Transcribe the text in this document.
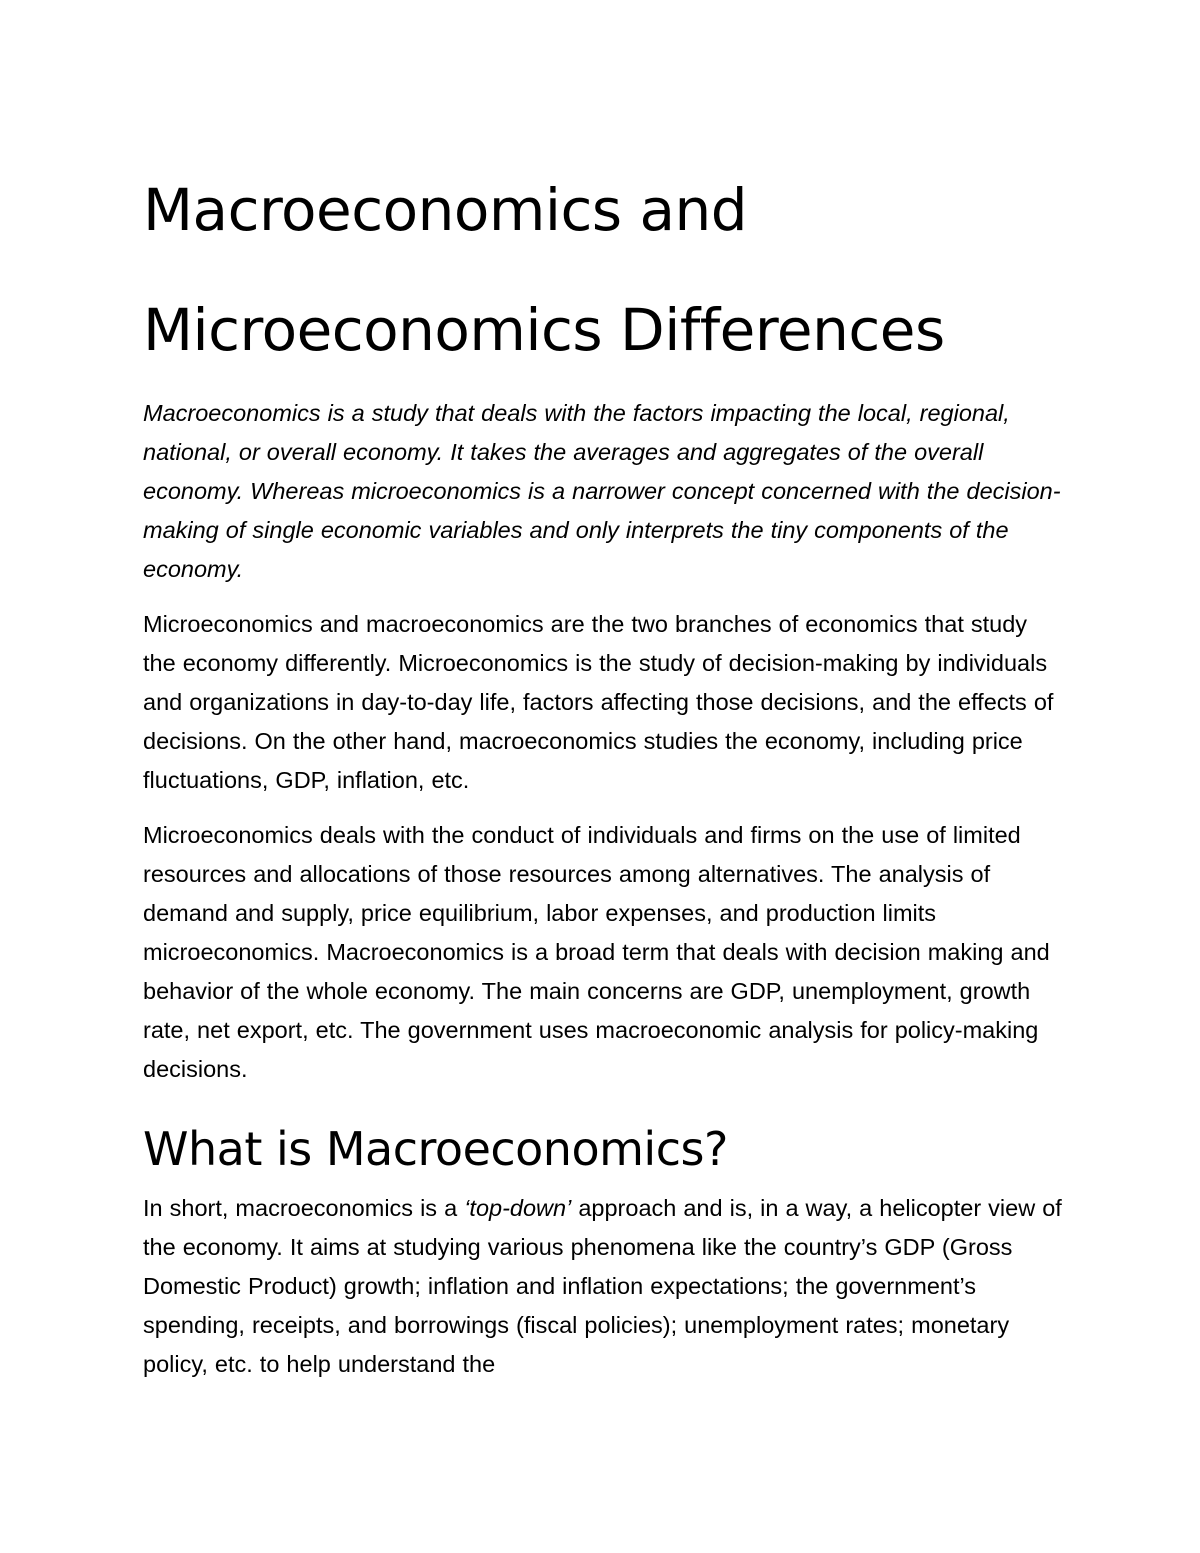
Macroeconomics and Microeconomics Differences

Macroeconomics is a study that deals with the factors impacting the local, regional, national, or overall economy. It takes the averages and aggregates of the overall economy. Whereas microeconomics is a narrower concept concerned with the decision-making of single economic variables and only interprets the tiny components of the economy.

Microeconomics and macroeconomics are the two branches of economics that study the economy differently. Microeconomics is the study of decision-making by individuals and organizations in day-to-day life, factors affecting those decisions, and the effects of decisions. On the other hand, macroeconomics studies the economy, including price fluctuations, GDP, inflation, etc.

Microeconomics deals with the conduct of individuals and firms on the use of limited resources and allocations of those resources among alternatives. The analysis of demand and supply, price equilibrium, labor expenses, and production limits microeconomics. Macroeconomics is a broad term that deals with decision making and behavior of the whole economy. The main concerns are GDP, unemployment, growth rate, net export, etc. The government uses macroeconomic analysis for policy-making decisions.

What is Macroeconomics?

In short, macroeconomics is a ‘top-down’ approach and is, in a way, a helicopter view of the economy. It aims at studying various phenomena like the country’s GDP (Gross Domestic Product) growth; inflation and inflation expectations; the government’s spending, receipts, and borrowings (fiscal policies); unemployment rates; monetary policy, etc. to help understand the
